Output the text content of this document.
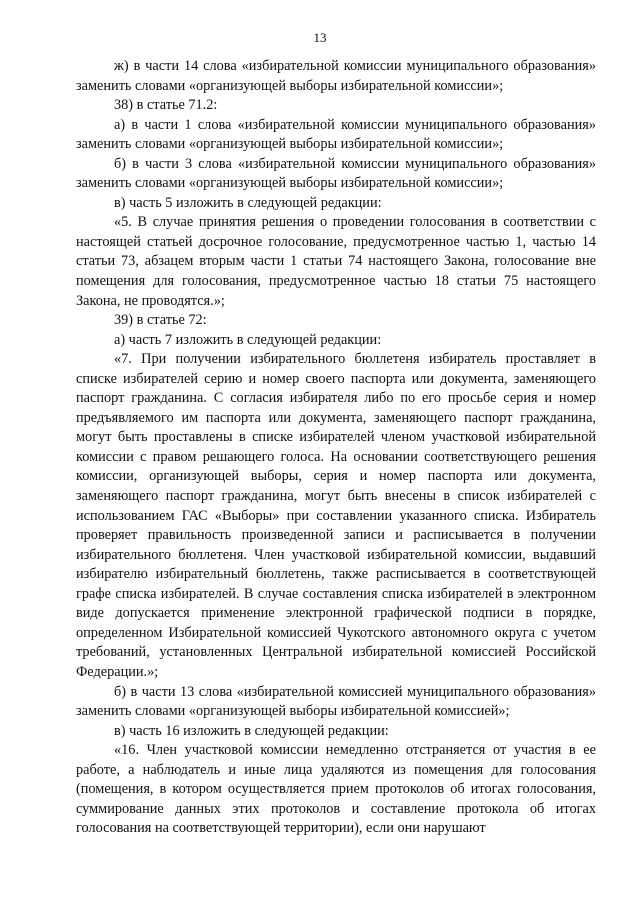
13

ж) в части 14 слова «избирательной комиссии муниципального образования» заменить словами «организующей выборы избирательной комиссии»;

38) в статье 71.2:

а) в части 1 слова «избирательной комиссии муниципального образования» заменить словами «организующей выборы избирательной комиссии»;

б) в части 3 слова «избирательной комиссии муниципального образования» заменить словами «организующей выборы избирательной комиссии»;

в) часть 5 изложить в следующей редакции:

«5. В случае принятия решения о проведении голосования в соответствии с настоящей статьей досрочное голосование, предусмотренное частью 1, частью 14 статьи 73, абзацем вторым части 1 статьи 74 настоящего Закона, голосование вне помещения для голосования, предусмотренное частью 18 статьи 75 настоящего Закона, не проводятся.»;

39) в статье 72:

а) часть 7 изложить в следующей редакции:

«7. При получении избирательного бюллетеня избиратель проставляет в списке избирателей серию и номер своего паспорта или документа, заменяющего паспорт гражданина. С согласия избирателя либо по его просьбе серия и номер предъявляемого им паспорта или документа, заменяющего паспорт гражданина, могут быть проставлены в списке избирателей членом участковой избирательной комиссии с правом решающего голоса. На основании соответствующего решения комиссии, организующей выборы, серия и номер паспорта или документа, заменяющего паспорт гражданина, могут быть внесены в список избирателей с использованием ГАС «Выборы» при составлении указанного списка. Избиратель проверяет правильность произведенной записи и расписывается в получении избирательного бюллетеня. Член участковой избирательной комиссии, выдавший избирателю избирательный бюллетень, также расписывается в соответствующей графе списка избирателей. В случае составления списка избирателей в электронном виде допускается применение электронной графической подписи в порядке, определенном Избирательной комиссией Чукотского автономного округа с учетом требований, установленных Центральной избирательной комиссией Российской Федерации.»;

б) в части 13 слова «избирательной комиссией муниципального образования» заменить словами «организующей выборы избирательной комиссией»;

в) часть 16 изложить в следующей редакции:

«16. Член участковой комиссии немедленно отстраняется от участия в ее работе, а наблюдатель и иные лица удаляются из помещения для голосования (помещения, в котором осуществляется прием протоколов об итогах голосования, суммирование данных этих протоколов и составление протокола об итогах голосования на соответствующей территории), если они нарушают
